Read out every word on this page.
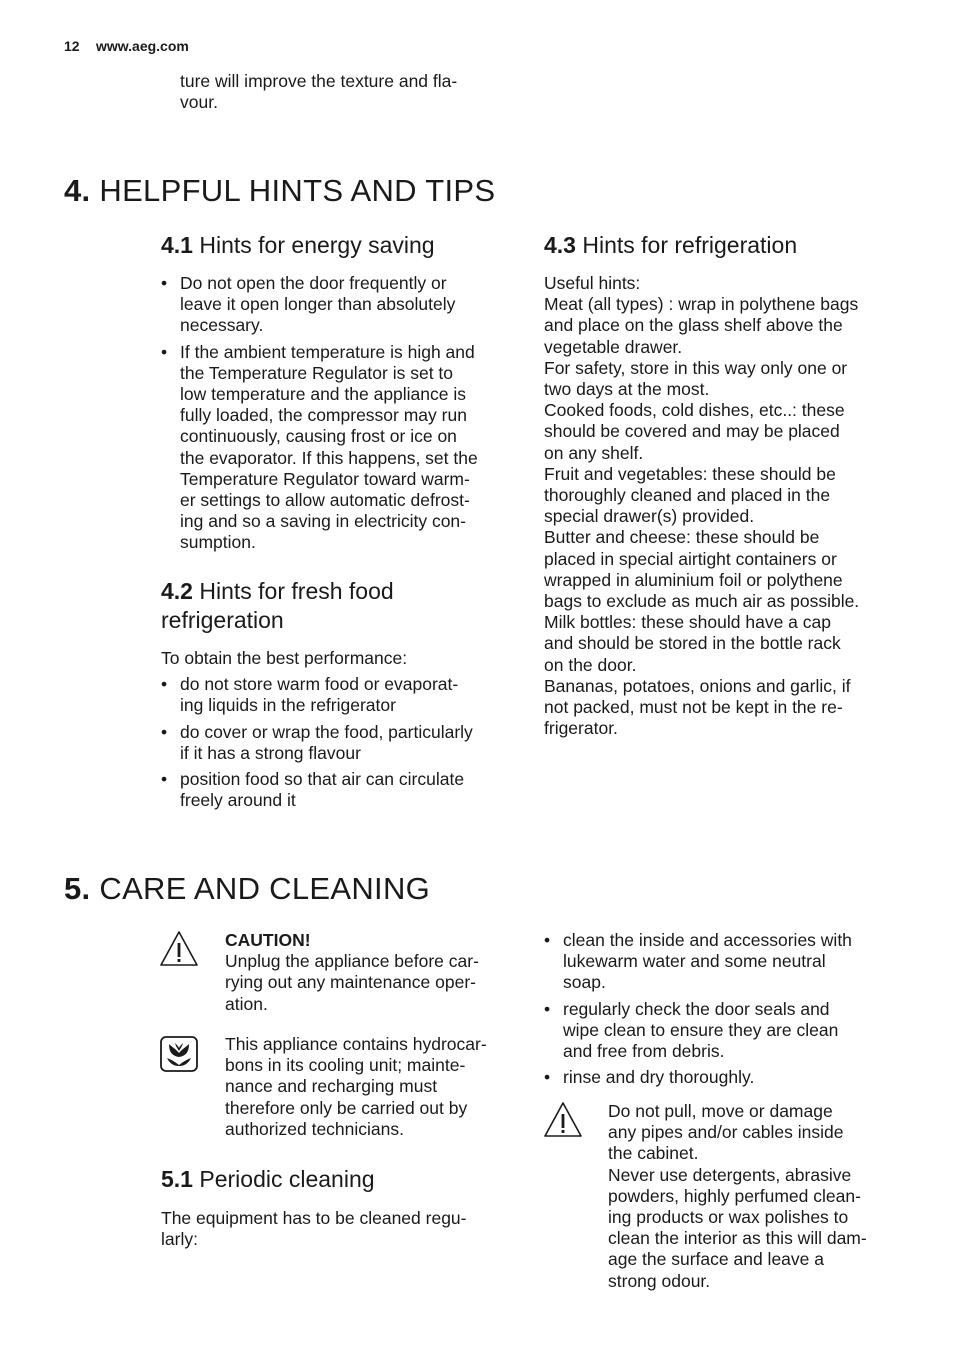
12 www.aeg.com
ture will improve the texture and fla-
vour.
4. HELPFUL HINTS AND TIPS
4.1 Hints for energy saving
• Do not open the door frequently or
leave it open longer than absolutely
necessary.
• If the ambient temperature is high and
the Temperature Regulator is set to
low temperature and the appliance is
fully loaded, the compressor may run
continuously, causing frost or ice on
the evaporator. If this happens, set the
Temperature Regulator toward warm-
er settings to allow automatic defrost-
ing and so a saving in electricity con-
sumption.
4.2 Hints for fresh food
refrigeration

To obtain the best performance:

• do not store warm food or evaporat-
ing liquids in the refrigerator
• do cover or wrap the food, particularly
if it has a strong flavour
• position food so that air can circulate
freely around it
4.3 Hints for refrigeration
Useful hints:
Meat (all types) : wrap in polythene bags
and place on the glass shelf above the
vegetable drawer.
For safety, store in this way only one or
two days at the most.
Cooked foods, cold dishes, etc..: these
should be covered and may be placed
on any shelf.
Fruit and vegetables: these should be
thoroughly cleaned and placed in the
special drawer(s) provided.
Butter and cheese: these should be
placed in special airtight containers or
wrapped in aluminium foil or polythene
bags to exclude as much air as possible.
Milk bottles: these should have a cap
and should be stored in the bottle rack
on the door.
Bananas, potatoes, onions and garlic, if
not packed, must not be kept in the re-
frigerator.
5. CARE AND CLEANING
CAUTION!
Unplug the appliance before car-
rying out any maintenance oper-
ation.
This appliance contains hydrocar-
bons in its cooling unit; mainte-
nance and recharging must
therefore only be carried out by
authorized technicians.
5.1 Periodic cleaning
The equipment has to be cleaned regu-
larly:
• clean the inside and accessories with
lukewarm water and some neutral
soap.
• regularly check the door seals and
wipe clean to ensure they are clean
and free from debris.
• rinse and dry thoroughly.
Do not pull, move or damage
any pipes and/or cables inside
the cabinet.
Never use detergents, abrasive
powders, highly perfumed clean-
ing products or wax polishes to
clean the interior as this will dam-
age the surface and leave a
strong odour.
